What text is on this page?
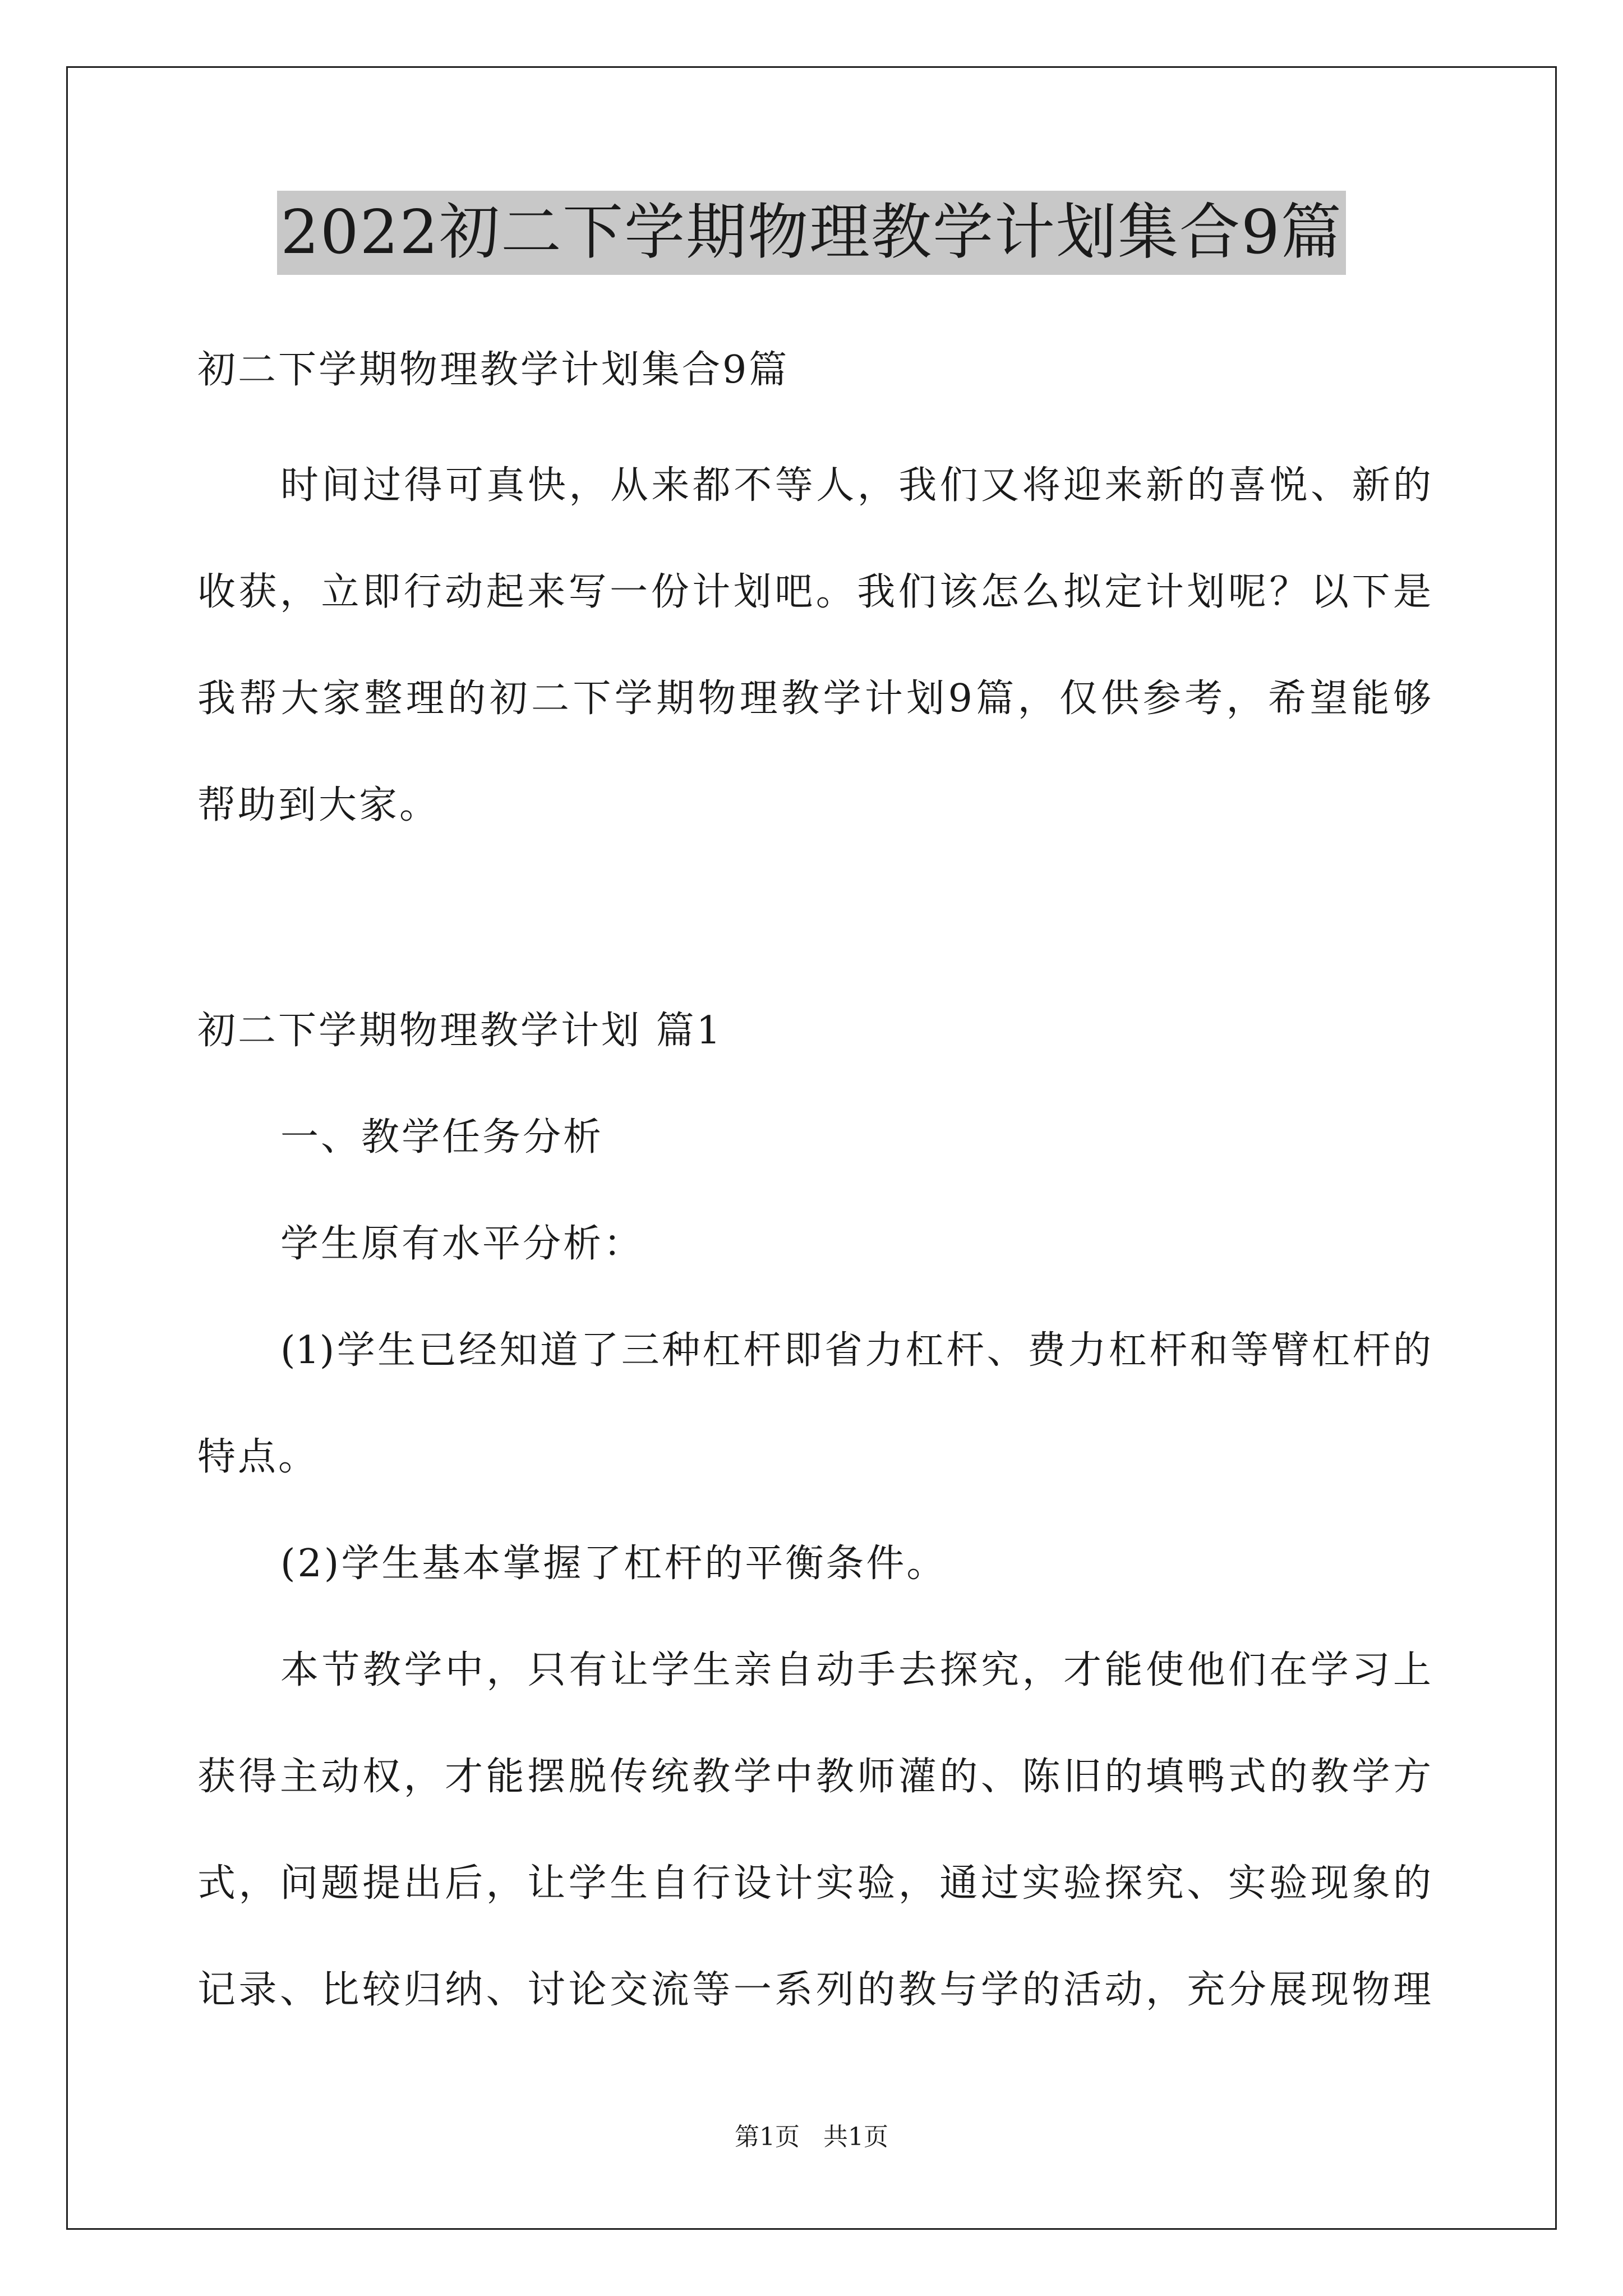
2022初二下学期物理教学计划集合9篇
初二下学期物理教学计划集合9篇
时间过得可真快，从来都不等人，我们又将迎来新的喜悦、新的
收获，立即行动起来写一份计划吧。我们该怎么拟定计划呢？以下是
我帮大家整理的初二下学期物理教学计划9篇，仅供参考，希望能够
帮助到大家。
初二下学期物理教学计划 篇1
一、教学任务分析
学生原有水平分析：
(1)学生已经知道了三种杠杆即省力杠杆、费力杠杆和等臂杠杆的
特点。
(2)学生基本掌握了杠杆的平衡条件。
本节教学中，只有让学生亲自动手去探究，才能使他们在学习上
获得主动权，才能摆脱传统教学中教师灌的、陈旧的填鸭式的教学方
式，问题提出后，让学生自行设计实验，通过实验探究、实验现象的
记录、比较归纳、讨论交流等一系列的教与学的活动，充分展现物理
第1页   共1页
